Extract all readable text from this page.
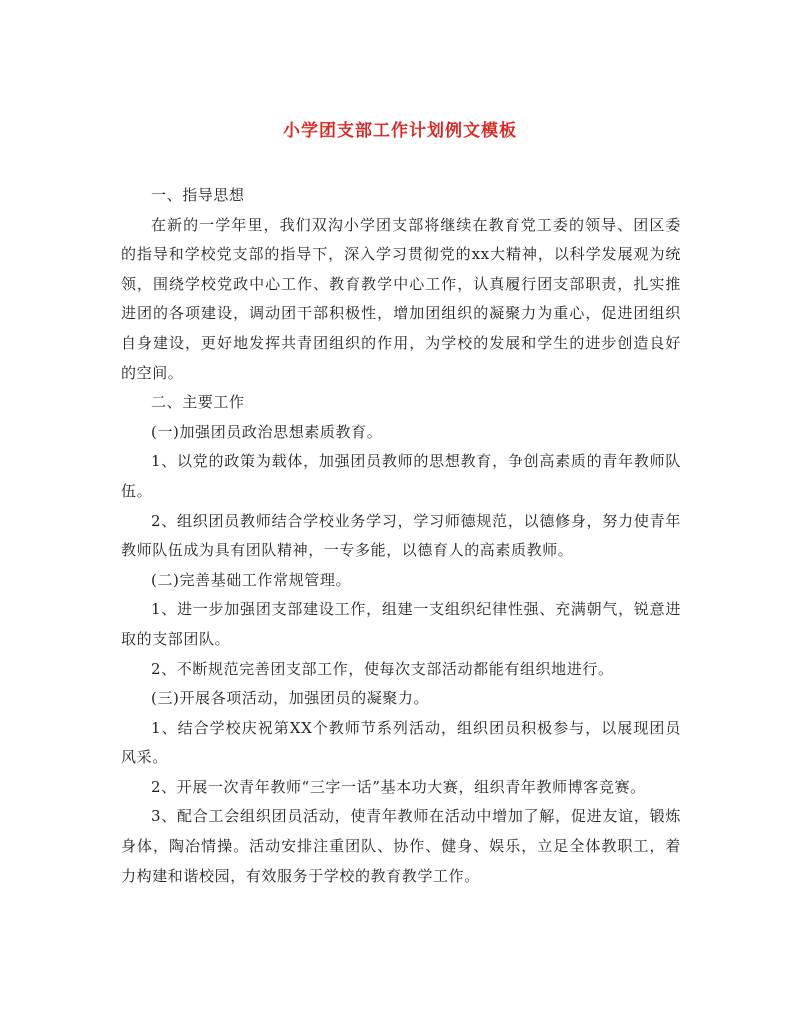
小学团支部工作计划例文模板

一、指导思想

在新的一学年里，我们双沟小学团支部将继续在教育党工委的领导、团区委的指导和学校党支部的指导下，深入学习贯彻党的xx大精神，以科学发展观为统领，围绕学校党政中心工作、教育教学中心工作，认真履行团支部职责，扎实推进团的各项建设，调动团干部积极性，增加团组织的凝聚力为重心，促进团组织自身建设，更好地发挥共青团组织的作用，为学校的发展和学生的进步创造良好的空间。

二、主要工作

(一)加强团员政治思想素质教育。

1、以党的政策为载体，加强团员教师的思想教育，争创高素质的青年教师队伍。

2、组织团员教师结合学校业务学习，学习师德规范，以德修身，努力使青年教师队伍成为具有团队精神，一专多能，以德育人的高素质教师。

(二)完善基础工作常规管理。

1、进一步加强团支部建设工作，组建一支组织纪律性强、充满朝气，锐意进取的支部团队。

2、不断规范完善团支部工作，使每次支部活动都能有组织地进行。

(三)开展各项活动，加强团员的凝聚力。

1、结合学校庆祝第XX个教师节系列活动，组织团员积极参与，以展现团员风采。

2、开展一次青年教师“三字一话”基本功大赛，组织青年教师博客竞赛。

3、配合工会组织团员活动，使青年教师在活动中增加了解，促进友谊，锻炼身体，陶冶情操。活动安排注重团队、协作、健身、娱乐，立足全体教职工，着力构建和谐校园，有效服务于学校的教育教学工作。
